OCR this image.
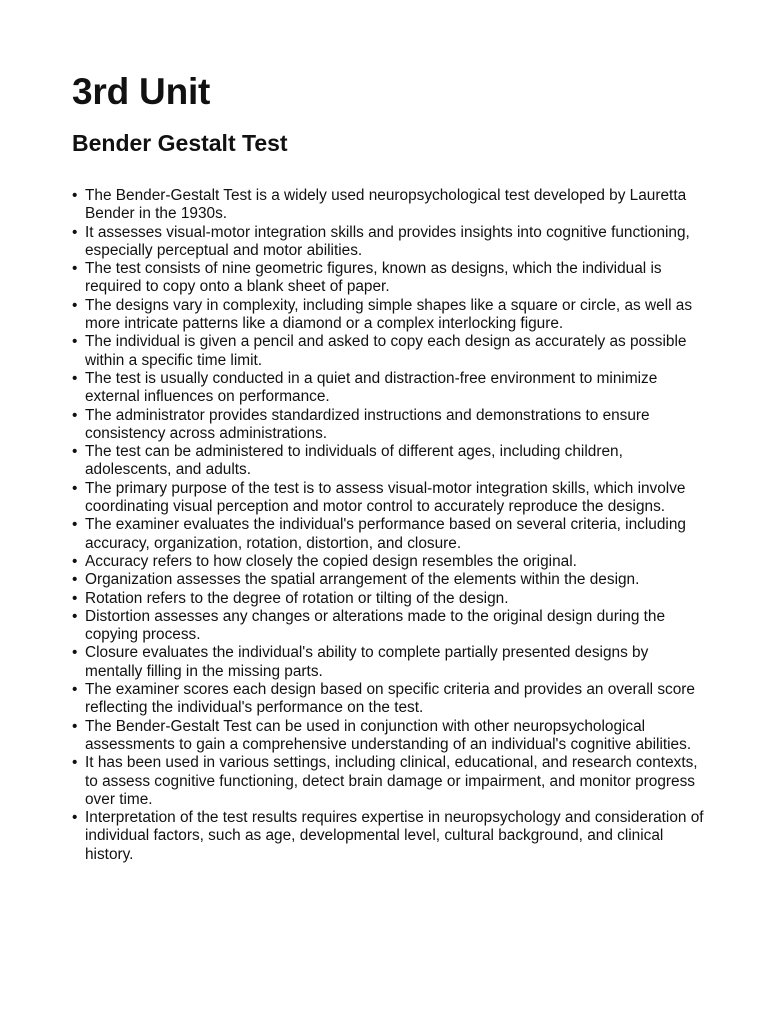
3rd Unit
Bender Gestalt Test
• The Bender-Gestalt Test is a widely used neuropsychological test developed by Lauretta Bender in the 1930s.
• It assesses visual-motor integration skills and provides insights into cognitive functioning, especially perceptual and motor abilities.
• The test consists of nine geometric figures, known as designs, which the individual is required to copy onto a blank sheet of paper.
• The designs vary in complexity, including simple shapes like a square or circle, as well as more intricate patterns like a diamond or a complex interlocking figure.
• The individual is given a pencil and asked to copy each design as accurately as possible within a specific time limit.
• The test is usually conducted in a quiet and distraction-free environment to minimize external influences on performance.
• The administrator provides standardized instructions and demonstrations to ensure consistency across administrations.
• The test can be administered to individuals of different ages, including children, adolescents, and adults.
• The primary purpose of the test is to assess visual-motor integration skills, which involve coordinating visual perception and motor control to accurately reproduce the designs.
• The examiner evaluates the individual's performance based on several criteria, including accuracy, organization, rotation, distortion, and closure.
• Accuracy refers to how closely the copied design resembles the original.
• Organization assesses the spatial arrangement of the elements within the design.
• Rotation refers to the degree of rotation or tilting of the design.
• Distortion assesses any changes or alterations made to the original design during the copying process.
• Closure evaluates the individual's ability to complete partially presented designs by mentally filling in the missing parts.
• The examiner scores each design based on specific criteria and provides an overall score reflecting the individual's performance on the test.
• The Bender-Gestalt Test can be used in conjunction with other neuropsychological assessments to gain a comprehensive understanding of an individual's cognitive abilities.
• It has been used in various settings, including clinical, educational, and research contexts, to assess cognitive functioning, detect brain damage or impairment, and monitor progress over time.
• Interpretation of the test results requires expertise in neuropsychology and consideration of individual factors, such as age, developmental level, cultural background, and clinical history.
